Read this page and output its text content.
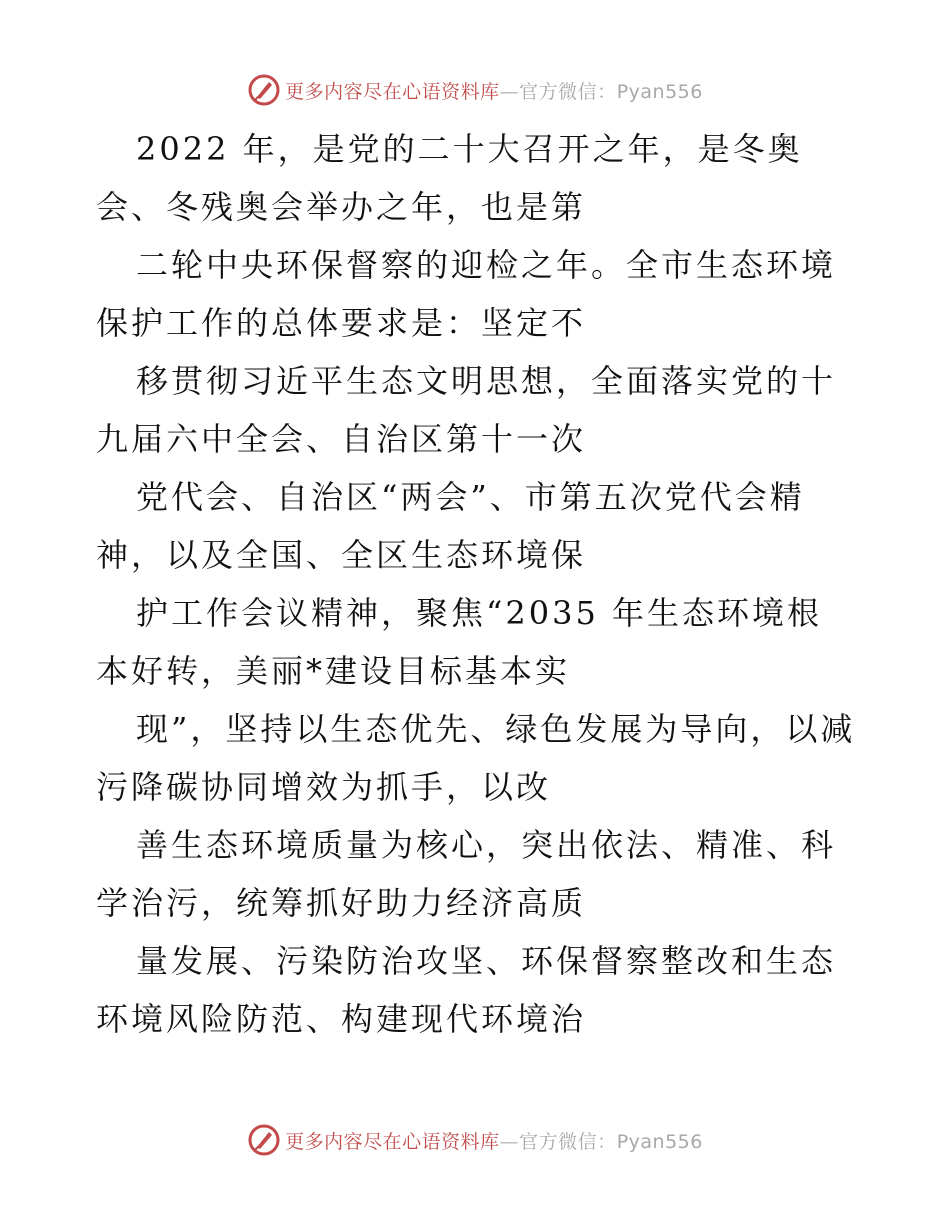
更多内容尽在心语资料库—官方微信：Pyan556

2022 年，是党的二十大召开之年，是冬奥会、冬残奥会举办之年，也是第

二轮中央环保督察的迎检之年。全市生态环境保护工作的总体要求是：坚定不

移贯彻习近平生态文明思想，全面落实党的十九届六中全会、自治区第十一次

党代会、自治区“两会”、市第五次党代会精神，以及全国、全区生态环境保

护工作会议精神，聚焦“2035 年生态环境根本好转，美丽*建设目标基本实

现”，坚持以生态优先、绿色发展为导向，以减污降碳协同增效为抓手，以改

善生态环境质量为核心，突出依法、精准、科学治污，统筹抓好助力经济高质

量发展、污染防治攻坚、环保督察整改和生态环境风险防范、构建现代环境治

更多内容尽在心语资料库—官方微信：Pyan556
